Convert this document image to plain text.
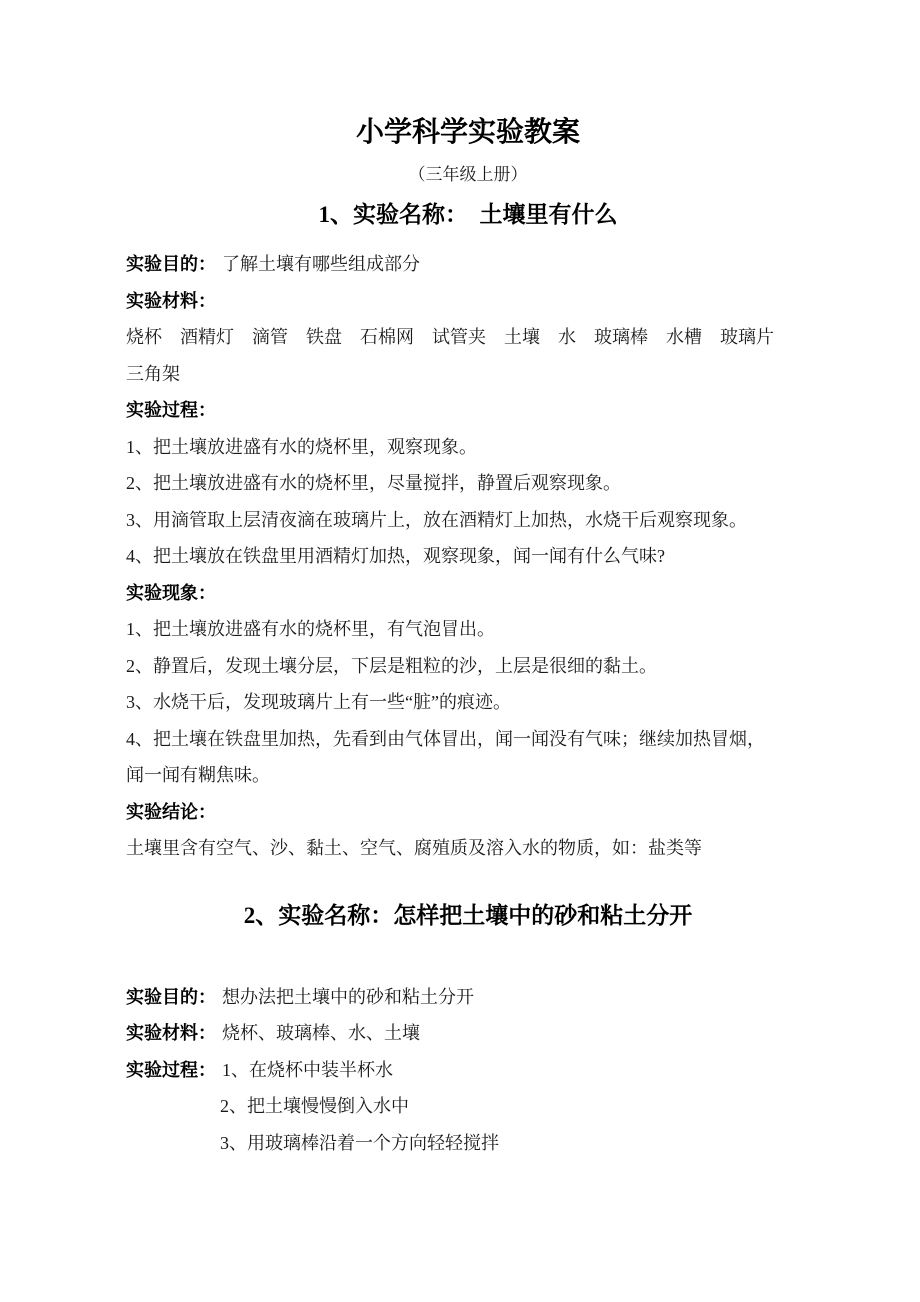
小学科学实验教案
（三年级上册）
1、实验名称：　土壤里有什么
实验目的： 了解土壤有哪些组成部分
实验材料：
烧杯　酒精灯　滴管　铁盘　石棉网　试管夹　土壤　水　玻璃棒　水槽　玻璃片
三角架
实验过程：
1、把土壤放进盛有水的烧杯里，观察现象。
2、把土壤放进盛有水的烧杯里，尽量搅拌，静置后观察现象。
3、用滴管取上层清夜滴在玻璃片上，放在酒精灯上加热，水烧干后观察现象。
4、把土壤放在铁盘里用酒精灯加热，观察现象，闻一闻有什么气味?
实验现象：
1、把土壤放进盛有水的烧杯里，有气泡冒出。
2、静置后，发现土壤分层，下层是粗粒的沙，上层是很细的黏土。
3、水烧干后，发现玻璃片上有一些“脏”的痕迹。
4、把土壤在铁盘里加热，先看到由气体冒出，闻一闻没有气味；继续加热冒烟，
闻一闻有糊焦味。
实验结论：
土壤里含有空气、沙、黏土、空气、腐殖质及溶入水的物质，如：盐类等
2、实验名称：怎样把土壤中的砂和粘土分开
实验目的： 想办法把土壤中的砂和粘土分开
实验材料： 烧杯、玻璃棒、水、土壤
实验过程： 1、在烧杯中装半杯水
2、把土壤慢慢倒入水中
3、用玻璃棒沿着一个方向轻轻搅拌
